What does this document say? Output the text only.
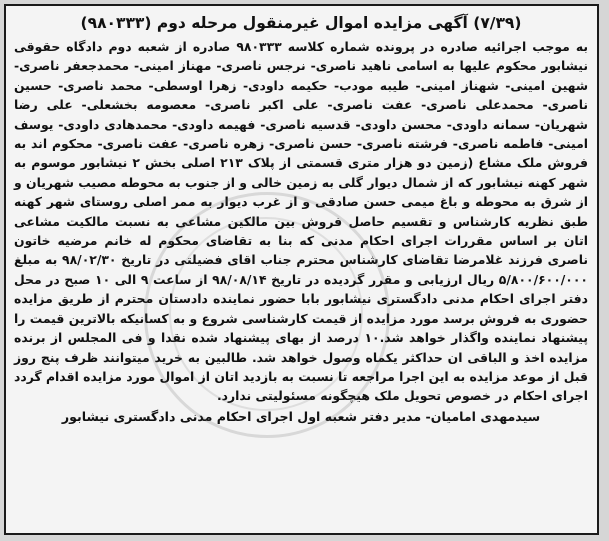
(۷/۳۹) آگهی مزایده اموال غیرمنقول مرحله دوم (۹۸۰۳۳۳)

به موجب اجرائیه صادره در پرونده شماره کلاسه ۹۸۰۳۳۳ صادره از شعبه دوم دادگاه حقوقی نیشابور محکوم علیها به اسامی ناهید ناصری- نرجس ناصری- مهناز امینی- محمدجعفر ناصری- شهین امینی- شهناز امینی- طیبه مودب- حکیمه داودی- زهرا اوسطی- محمد ناصری- حسین ناصری- محمدعلی ناصری- عفت ناصری- علی اکبر ناصری- معصومه بخشعلی- علی رضا شهریان- سمانه داودی- محسن داودی- قدسیه ناصری- فهیمه داودی- محمدهادی داودی- یوسف امینی- فاطمه ناصری- فرشته ناصری- حسن ناصری- زهره ناصری- عفت ناصری- محکوم اند به فروش ملک مشاع (زمین دو هزار متری قسمتی از پلاک ۲۱۳ اصلی بخش ۲ نیشابور موسوم به شهر کهنه نیشابور که از شمال دیوار گلی به زمین خالی و از جنوب به محوطه مصیب شهریان و از شرق به محوطه و باغ میمی حسن صادقی و از غرب دیوار به ممر اصلی روستای شهر کهنه طبق نظریه کارشناس و تقسیم حاصل فروش بین مالکین مشاعی به نسبت مالکیت مشاعی اتان بر اساس مقررات اجرای احکام مدنی که بنا به تقاضای محکوم له خانم مرضیه خاتون ناصری فرزند غلامرضا تقاضای کارشناس محترم جناب اقای فضیلتی در تاریخ ۹۸/۰۲/۳۰ به مبلغ ۵/۸۰۰/۶۰۰/۰۰۰ ریال ارزیابی و مقرر گردیده در تاریخ ۹۸/۰۸/۱۴ از ساعت ۹ الی ۱۰ صبح در محل دفتر اجرای احکام مدنی دادگستری نیشابور بابا حضور نماینده دادستان محترم از طریق مزایده حضوری به فروش برسد مورد مزایده از قیمت کارشناسی شروع و به کسانیکه بالاترین قیمت را پیشنهاد نماینده واگذار خواهد شد.۱۰ درصد از بهای پیشنهاد شده نقدا و فی المجلس از برنده مزایده اخذ و الباقی ان حداکثر یکماه وصول خواهد شد. طالبین به خرید میتوانند ظرف پنج روز قبل از موعد مزایده به این اجرا مراجعه تا نسبت به بازدید اتان از اموال مورد مزایده اقدام گردد اجرای احکام در خصوص تحویل ملک هیچگونه مسئولیتی ندارد.

سیدمهدی امامیان- مدیر دفتر شعبه اول اجرای احکام مدنی دادگستری نیشابور
